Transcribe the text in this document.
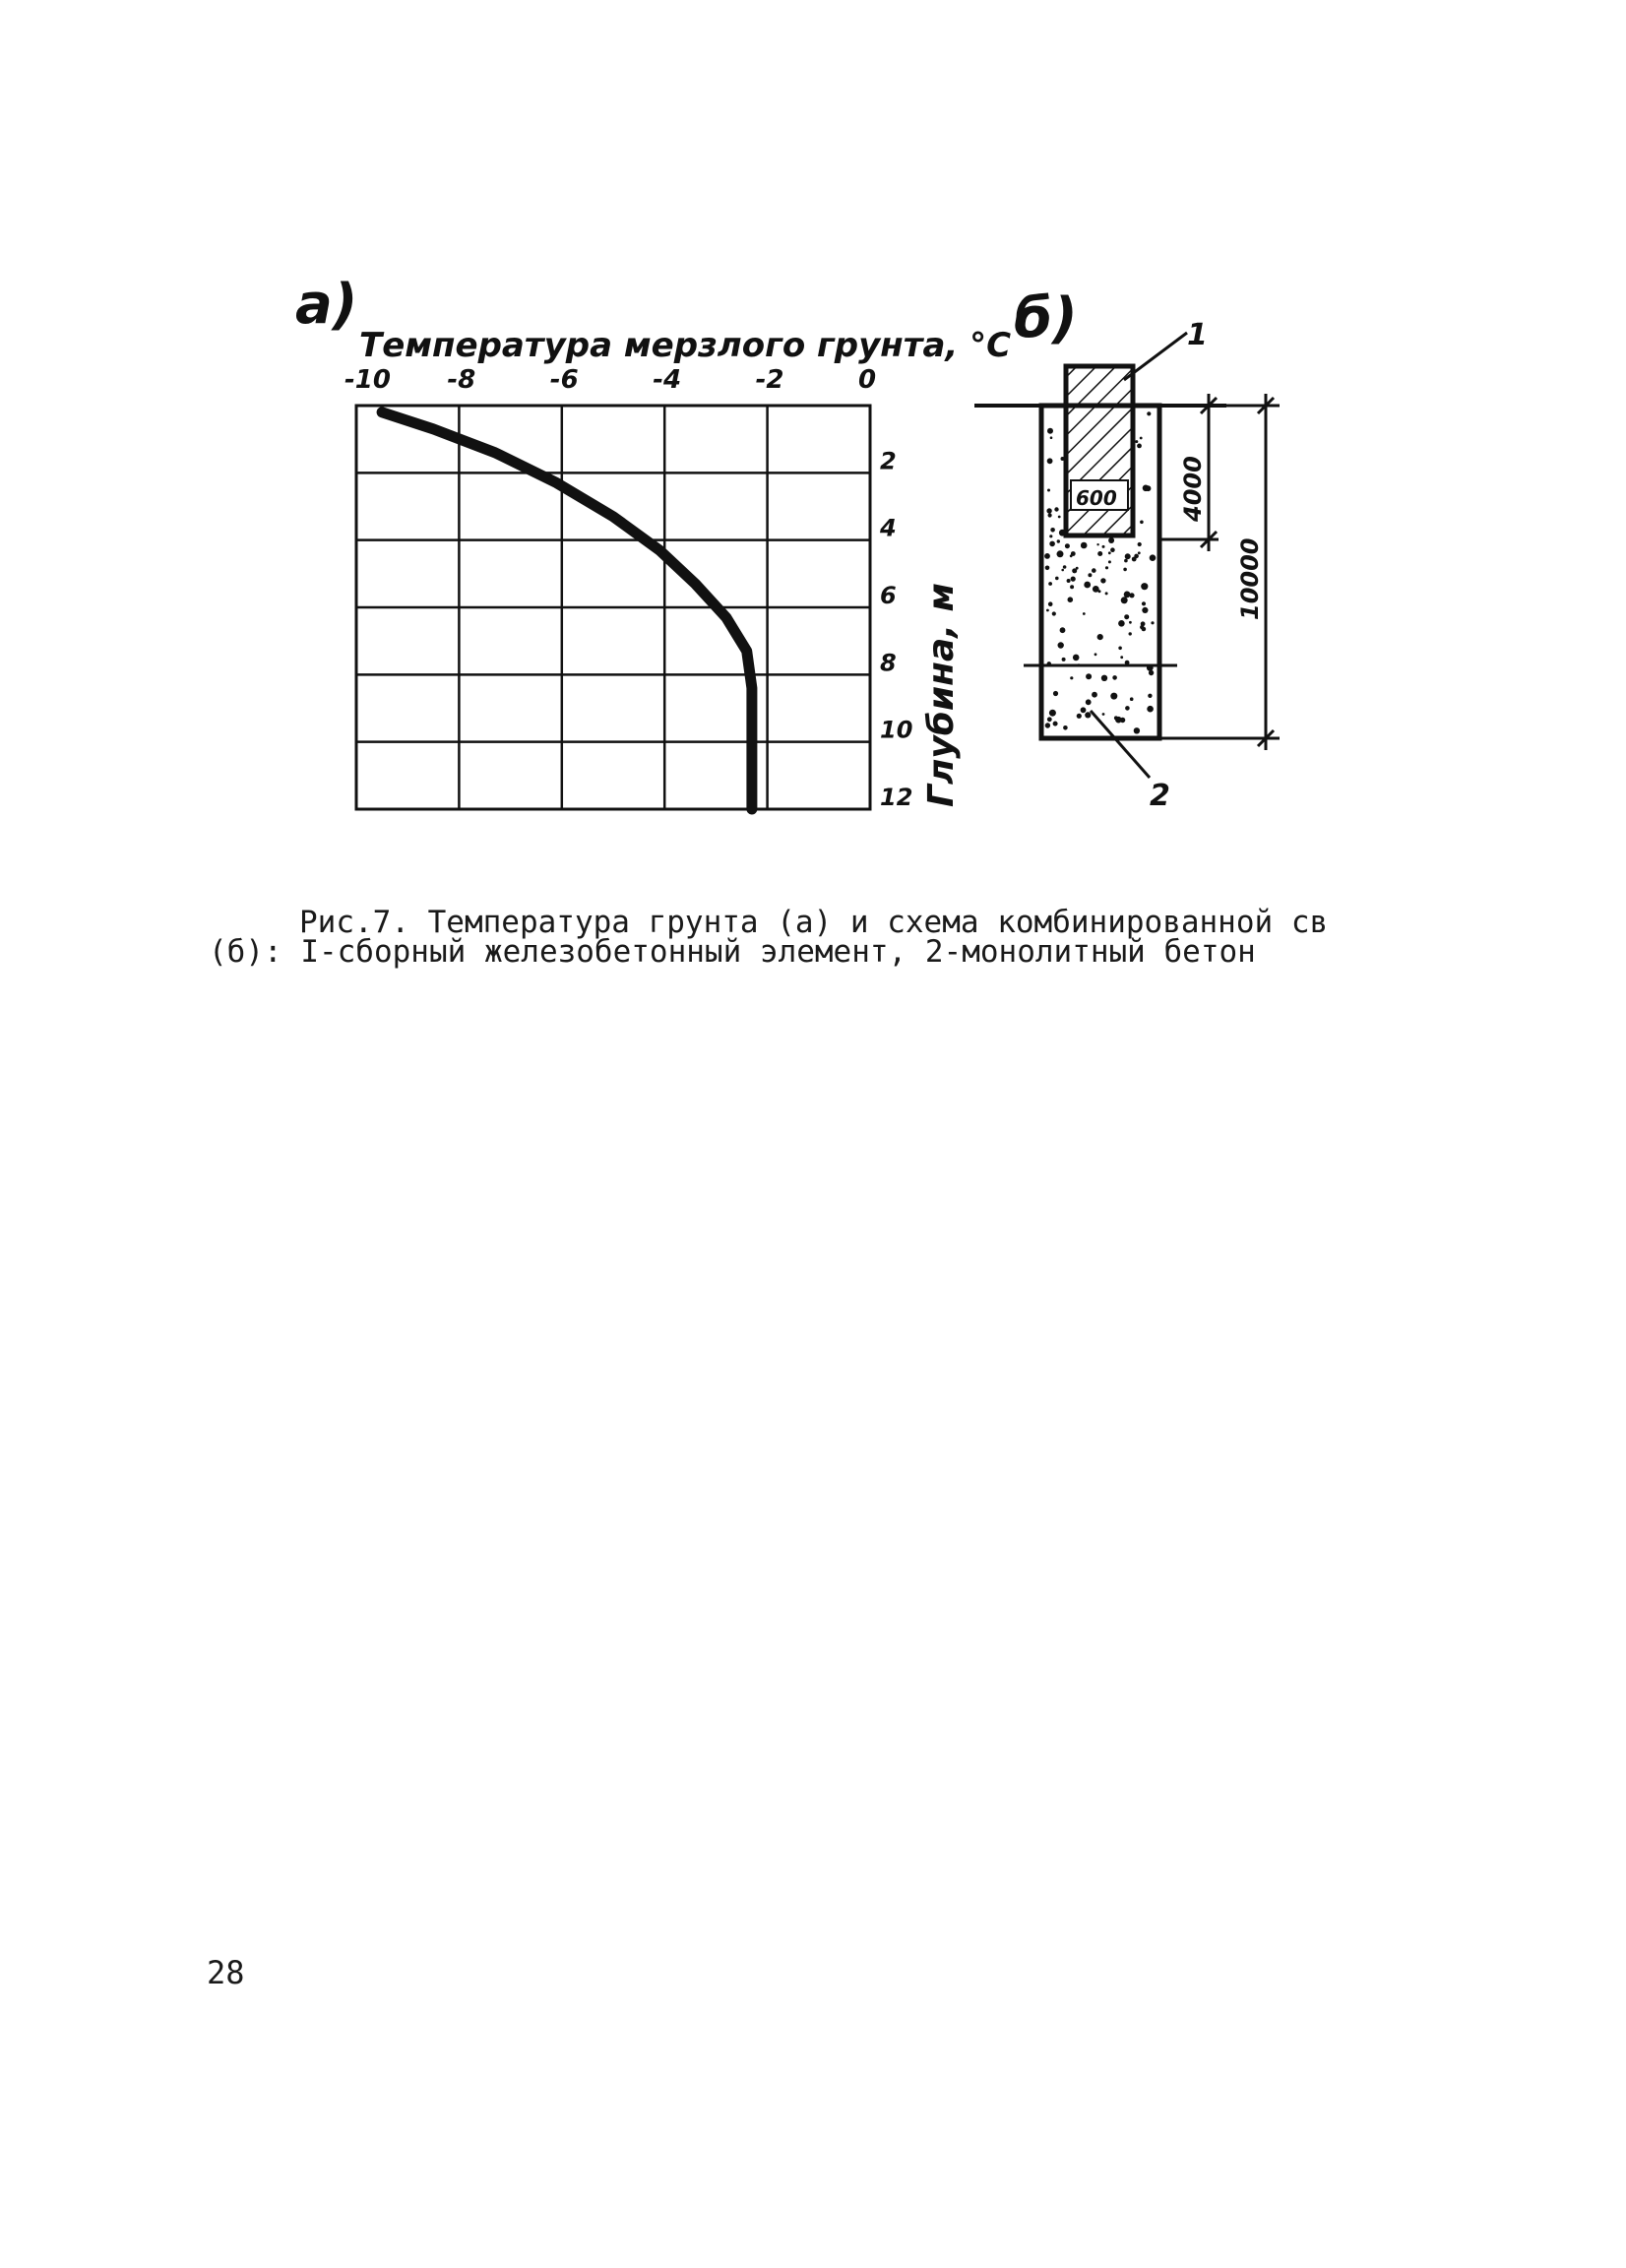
а)
Температура мерзлого грунта, °C
-10 -8	-6	-4	-2	0
2
4
6
8
10
12 Глубина, м
б)
600
1
2
4000
10000
Рис.7. Температура грунта (а) и схема комбинированной св
(б): I-сборный железобетонный элемент, 2-монолитный бетон
28
